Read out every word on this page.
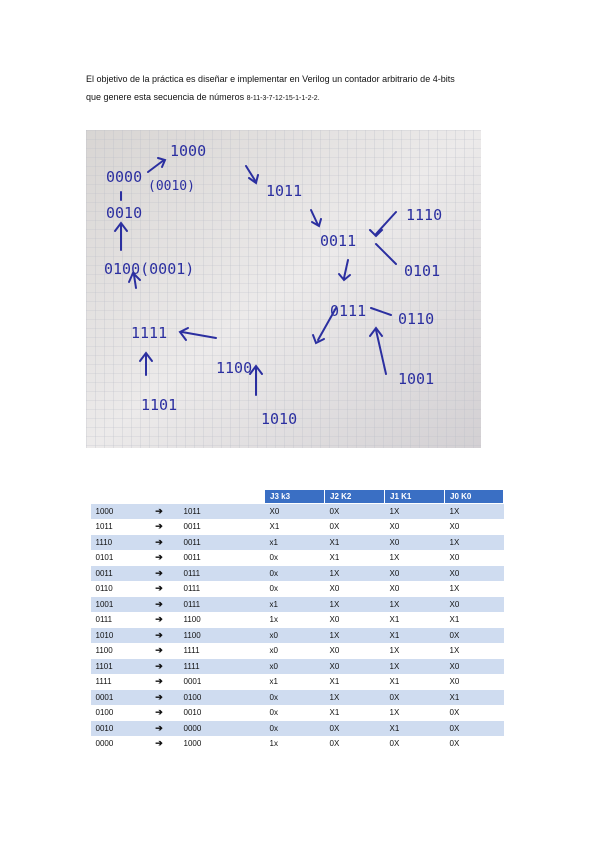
El objetivo de la práctica es diseñar e implementar en Verilog un contador arbitrario de 4-bits
que genere esta secuencia de números 8-11-3-7-12-15-1-1-2-2.
1000
0000
(0010)
0010
0100(0001)
1111
1101
1100
1010
1011
0011
1110
0101
0111 0110
1001
			J3 k3	J2 K2	J1 K1	J0 K0
1000	➔	1011	X0	0X	1X	1X
1011	➔	0011	X1	0X	X0	X0
1110	➔	0011	x1	X1	X0	1X
0101	➔	0011	0x	X1	1X	X0
0011	➔	0111	0x	1X	X0	X0
0110	➔	0111	0x	X0	X0	1X
1001	➔	0111	x1	1X	1X	X0
0111	➔	1100	1x	X0	X1	X1
1010	➔	1100	x0	1X	X1	0X
1100	➔	1111	x0	X0	1X	1X
1101	➔	1111	x0	X0	1X	X0
1111	➔	0001	x1	X1	X1	X0
0001	➔	0100	0x	1X	0X	X1
0100	➔	0010	0x	X1	1X	0X
0010	➔	0000	0x	0X	X1	0X
0000	➔	1000	1x	0X	0X	0X
